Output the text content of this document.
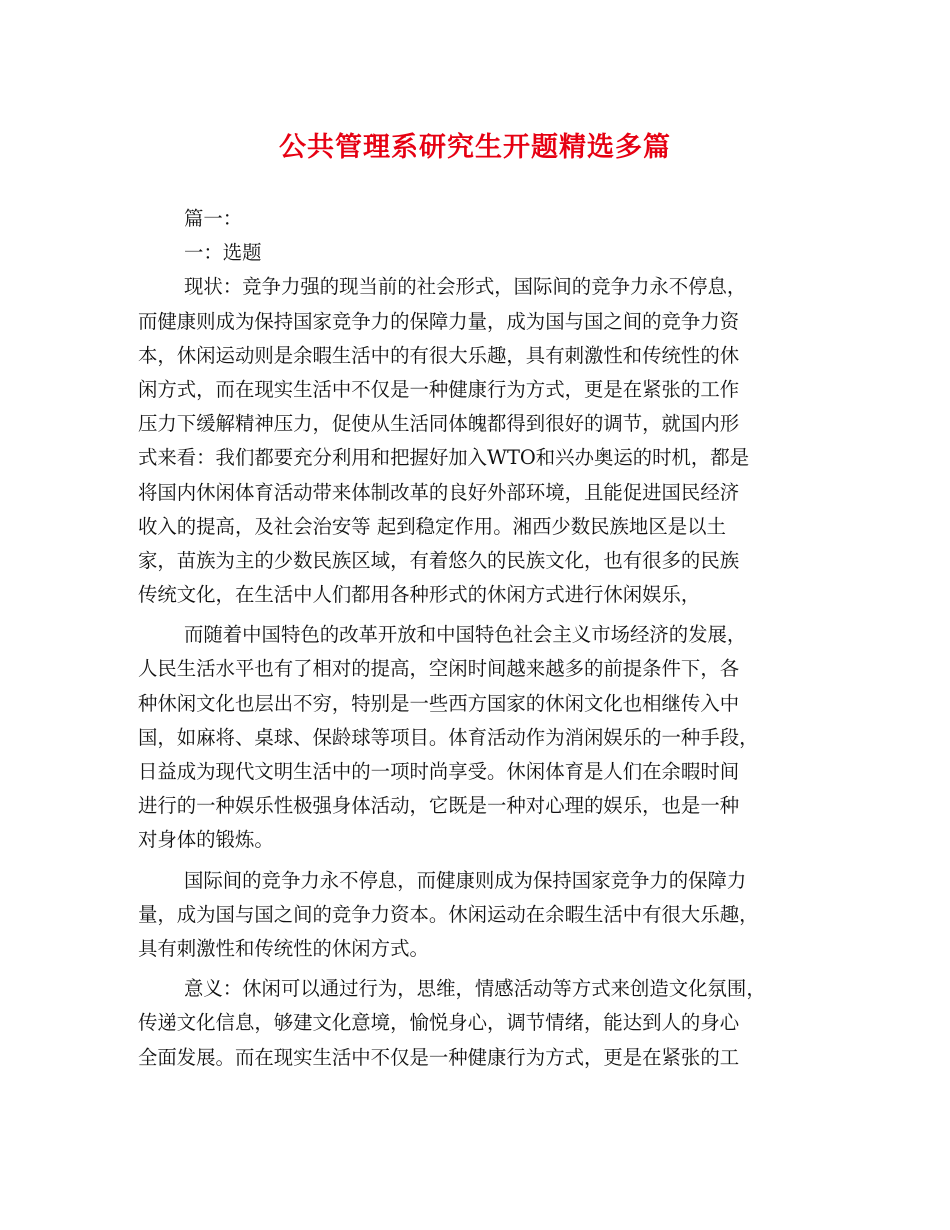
公共管理系研究生开题精选多篇
篇一：
一：选题
现状：竞争力强的现当前的社会形式，国际间的竞争力永不停息，
而健康则成为保持国家竞争力的保障力量，成为国与国之间的竞争力资
本，休闲运动则是余暇生活中的有很大乐趣，具有刺激性和传统性的休
闲方式，而在现实生活中不仅是一种健康行为方式，更是在紧张的工作
压力下缓解精神压力，促使从生活同体魄都得到很好的调节，就国内形
式来看：我们都要充分利用和把握好加入WTO和兴办奥运的时机，都是
将国内休闲体育活动带来体制改革的良好外部环境，且能促进国民经济
收入的提高，及社会治安等 起到稳定作用。湘西少数民族地区是以土
家，苗族为主的少数民族区域，有着悠久的民族文化，也有很多的民族
传统文化，在生活中人们都用各种形式的休闲方式进行休闲娱乐，
而随着中国特色的改革开放和中国特色社会主义市场经济的发展，
人民生活水平也有了相对的提高，空闲时间越来越多的前提条件下，各
种休闲文化也层出不穷，特别是一些西方国家的休闲文化也相继传入中
国，如麻将、桌球、保龄球等项目。体育活动作为消闲娱乐的一种手段，
日益成为现代文明生活中的一项时尚享受。休闲体育是人们在余暇时间
进行的一种娱乐性极强身体活动，它既是一种对心理的娱乐，也是一种
对身体的锻炼。
国际间的竞争力永不停息，而健康则成为保持国家竞争力的保障力
量，成为国与国之间的竞争力资本。休闲运动在余暇生活中有很大乐趣，
具有刺激性和传统性的休闲方式。
意义：休闲可以通过行为，思维，情感活动等方式来创造文化氛围，
传递文化信息，够建文化意境，愉悦身心，调节情绪，能达到人的身心
全面发展。而在现实生活中不仅是一种健康行为方式，更是在紧张的工
